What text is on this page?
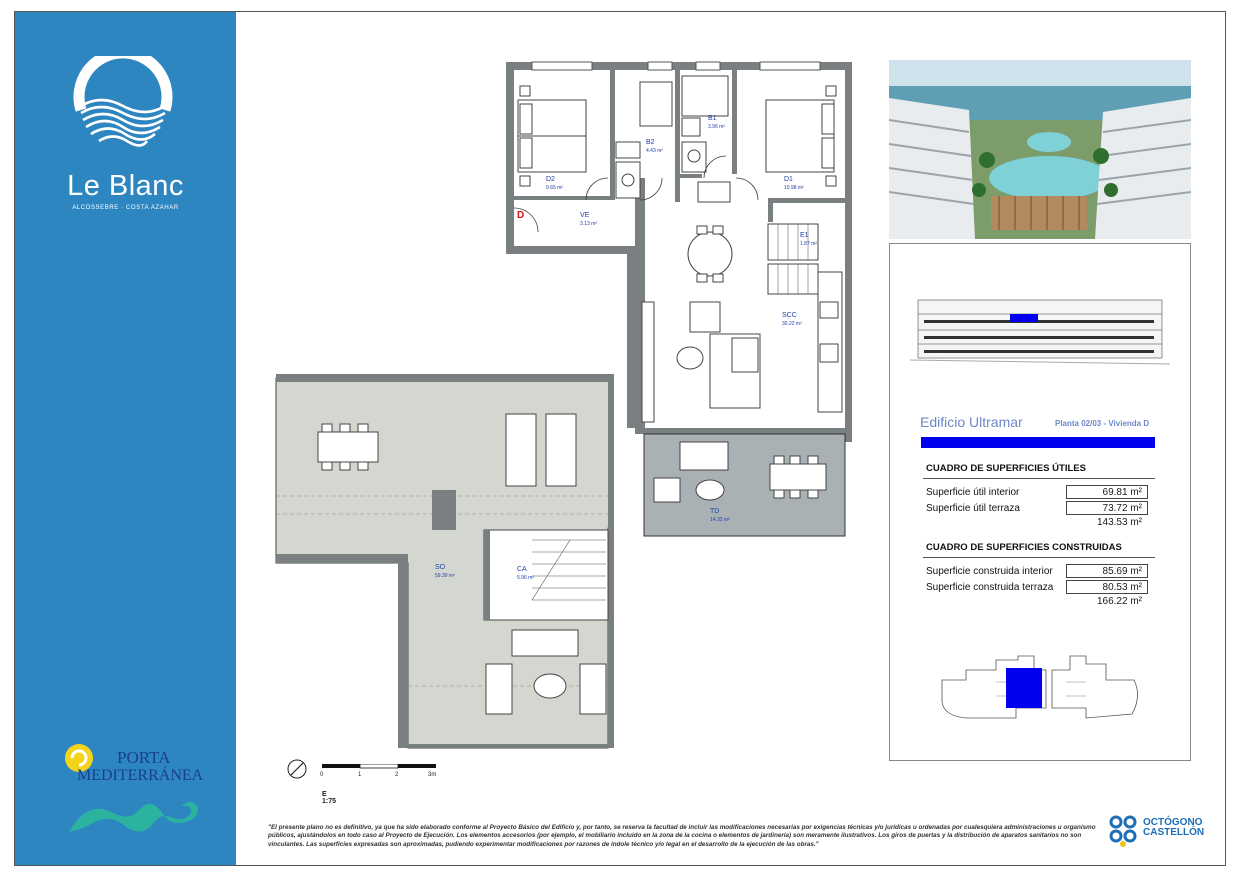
Le Blanc
ALCOSSEBRE · COSTA AZAHAR
PORTA
MEDITERRÁNEA
D
D2
9.65 m²
B2
4.43 m²
B1
3.96 m²
D1
10.98 m²
VE
3.13 m²
E1
1.87 m²
SCC
30.22 m²
TD
14.33 m²
SO
59.39 m²
CA
5.96 m²
0	1	2	3m
E 1:75
"El presente plano no es definitivo, ya que ha sido elaborado conforme al Proyecto Básico del Edificio y, por tanto, se reserva la facultad de incluir las modificaciones necesarias por exigencias técnicas y/o jurídicas u ordenadas por cualesquiera administraciones u organismo públicos, ajustándolos en todo caso al Proyecto de Ejecución. Los elementos accesorios (por ejemplo, el mobiliario incluido en la zona de la cocina o elementos de jardinería) son meramente ilustrativos. Los giros de puertas y la distribución de aparatos sanitarios no son vinculantes. Las superficies expresadas son aproximadas, pudiendo experimentar modificaciones por razones de índole técnico y/o legal en el desarrollo de la ejecución de las obras."
Edificio Ultramar	Planta 02/03 - Vivienda D
CUADRO DE SUPERFICIES ÚTILES
Superficie útil interior	69.81 m²
Superficie útil terraza	73.72 m²
143.53 m²
CUADRO DE SUPERFICIES CONSTRUIDAS
Superficie construida interior	85.69 m²
Superficie construida terraza	80.53 m²
166.22 m²
OCTÓGONO
CASTELLÓN
